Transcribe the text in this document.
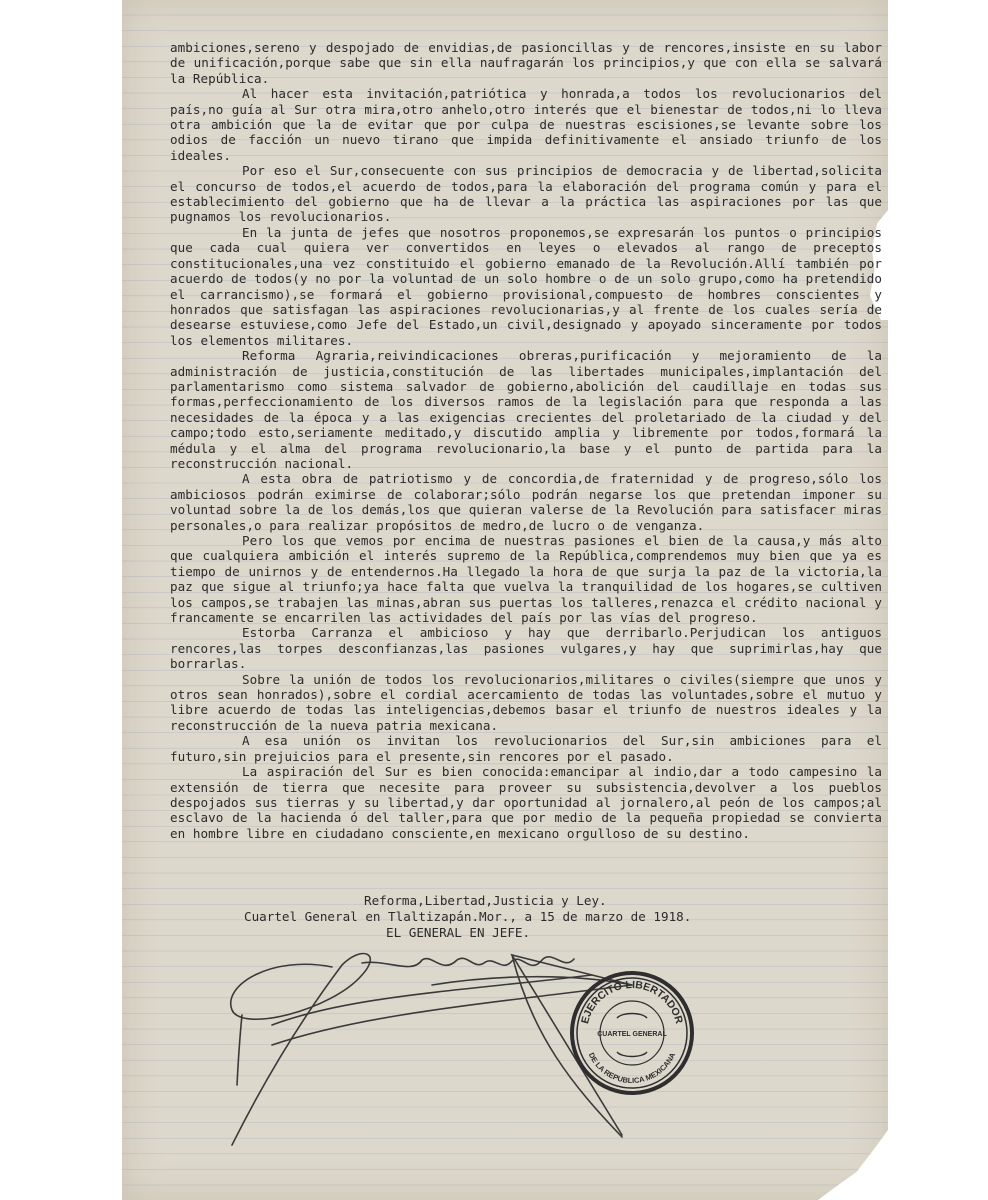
ambiciones,sereno y despojado de envidias,de pasioncillas y de rencores,insiste en su labor de unificación,porque sabe que sin ella naufragarán los principios,y que con ella se salvará la República.

Al hacer esta invitación,patriótica y honrada,a todos los revolucionarios del país,no guía al Sur otra mira,otro anhelo,otro interés que el bienestar de todos,ni lo lleva otra ambición que la de evitar que por culpa de nuestras escisiones,se levante sobre los odios de facción un nuevo tirano que impida definitivamente el ansiado triunfo de los ideales.

Por eso el Sur,consecuente con sus principios de democracia y de libertad,solicita el concurso de todos,el acuerdo de todos,para la elaboración del programa común y para el establecimiento del gobierno que ha de llevar a la práctica las aspiraciones por las que pugnamos los revolucionarios.

En la junta de jefes que nosotros proponemos,se expresarán los puntos o principios que cada cual quiera ver convertidos en leyes o elevados al rango de preceptos constitucionales,una vez constituido el gobierno emanado de la Revolución.Allí también por acuerdo de todos(y no por la voluntad de un solo hombre o de un solo grupo,como ha pretendido el carrancismo),se formará el gobierno provisional,compuesto de hombres conscientes y honrados que satisfagan las aspiraciones revolucionarias,y al frente de los cuales sería de desearse estuviese,como Jefe del Estado,un civil,designado y apoyado sinceramente por todos los elementos militares.

Reforma Agraria,reivindicaciones obreras,purificación y mejoramiento de la administración de justicia,constitución de las libertades municipales,implantación del parlamentarismo como sistema salvador de gobierno,abolición del caudillaje en todas sus formas,perfeccionamiento de los diversos ramos de la legislación para que responda a las necesidades de la época y a las exigencias crecientes del proletariado de la ciudad y del campo;todo esto,seriamente meditado,y discutido amplia y libremente por todos,formará la médula y el alma del programa revolucionario,la base y el punto de partida para la reconstrucción nacional.

A esta obra de patriotismo y de concordia,de fraternidad y de progreso,sólo los ambiciosos podrán eximirse de colaborar;sólo podrán negarse los que pretendan imponer su voluntad sobre la de los demás,los que quieran valerse de la Revolución para satisfacer miras personales,o para realizar propósitos de medro,de lucro o de venganza.

Pero los que vemos por encima de nuestras pasiones el bien de la causa,y más alto que cualquiera ambición el interés supremo de la República,comprendemos muy bien que ya es tiempo de unirnos y de entendernos.Ha llegado la hora de que surja la paz de la victoria,la paz que sigue al triunfo;ya hace falta que vuelva la tranquilidad de los hogares,se cultiven los campos,se trabajen las minas,abran sus puertas los talleres,renazca el crédito nacional y francamente se encarrilen las actividades del país por las vías del progreso.

Estorba Carranza el ambicioso y hay que derribarlo.Perjudican los antiguos rencores,las torpes desconfianzas,las pasiones vulgares,y hay que suprimirlas,hay que borrarlas.

Sobre la unión de todos los revolucionarios,militares o civiles(siempre que unos y otros sean honrados),sobre el cordial acercamiento de todas las voluntades,sobre el mutuo y libre acuerdo de todas las inteligencias,debemos basar el triunfo de nuestros ideales y la reconstrucción de la nueva patria mexicana.

A esa unión os invitan los revolucionarios del Sur,sin ambiciones para el futuro,sin prejuicios para el presente,sin rencores por el pasado.

La aspiración del Sur es bien conocida:emancipar al indio,dar a todo campesino la extensión de tierra que necesite para proveer su subsistencia,devolver a los pueblos despojados sus tierras y su libertad,y dar oportunidad al jornalero,al peón de los campos;al esclavo de la hacienda ó del taller,para que por medio de la pequeña propiedad se convierta en hombre libre en ciudadano consciente,en mexicano orgulloso de su destino.

Reforma,Libertad,Justicia y Ley.
Cuartel General en Tlaltizapán.Mor., a 15 de marzo de 1918.
EL GENERAL EN JEFE.
EJERCITO LIBERTADOR
DE LA REPUBLICA MEXICANA
CUARTEL GENERAL
